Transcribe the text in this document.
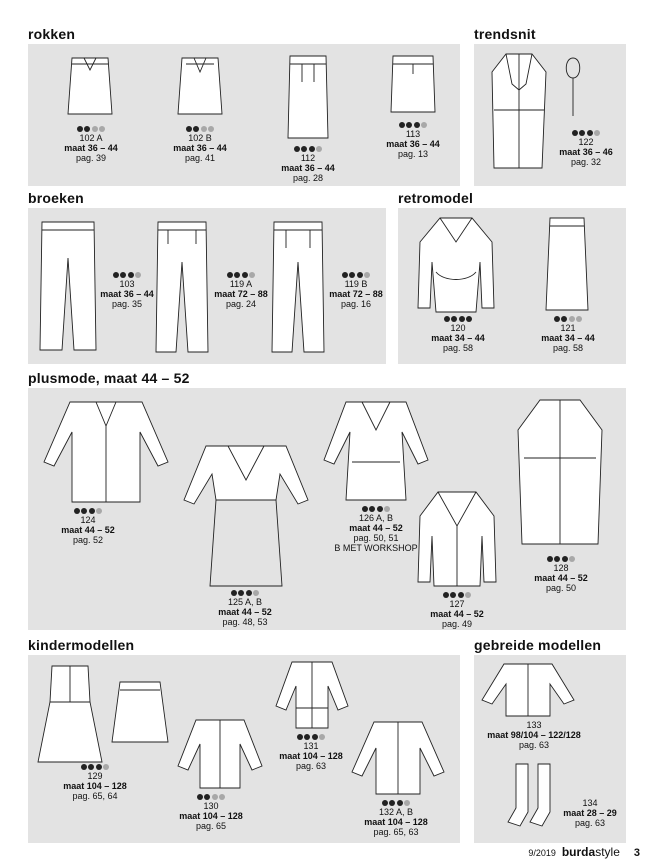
rokken
102 A
maat 36 – 44
pag. 39
102 B
maat 36 – 44
pag. 41	112
maat 36 – 44
pag. 28
113
maat 36 – 44
pag. 13
trendsnit
122
maat 36 – 46
pag. 32
broeken
103
maat 36 – 44
pag. 35
119 A
maat 72 – 88
pag. 24
119 B
maat 72 – 88
pag. 16
retromodel
120
maat 34 – 44
pag. 58
121
maat 34 – 44
pag. 58
plusmode, maat 44 – 52
124
maat 44 – 52
pag. 52
125 A, B
maat 44 – 52
pag. 48, 53
126 A, B
maat 44 – 52
pag. 50, 51
B MET WORKSHOP
127
maat 44 – 52
pag. 49
128
maat 44 – 52
pag. 50
kindermodellen
129
maat 104 – 128
pag. 65, 64
130
maat 104 – 128
pag. 65
131
maat 104 – 128
pag. 63
132 A, B
maat 104 – 128
pag. 65, 63
gebreide modellen
133
maat 98/104 – 122/128
pag. 63
134
maat 28 – 29
pag. 63
9/2019 burdastyle 3
